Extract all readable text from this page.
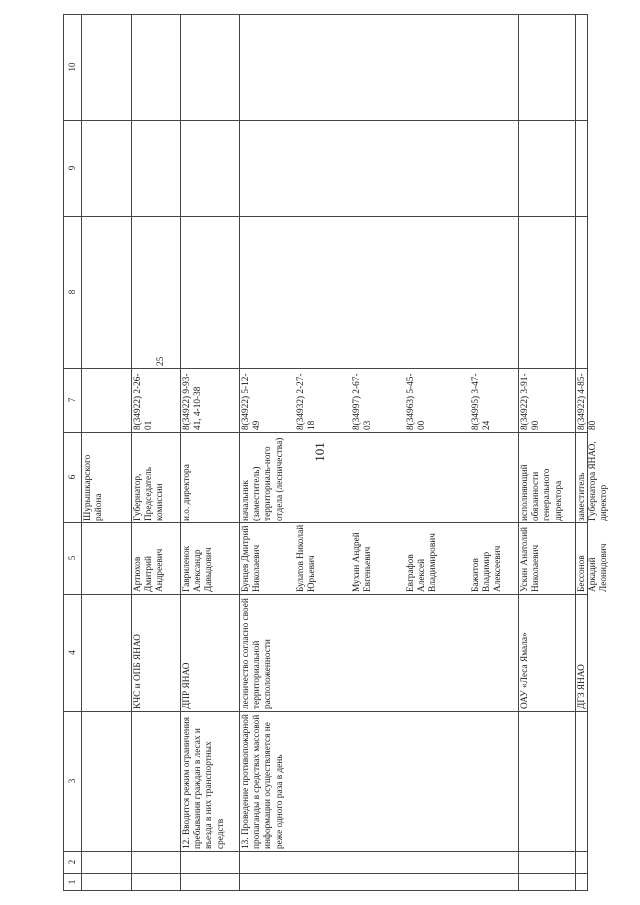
101
1
2
3
4
5
6
7
8
9
10
Шурышкарского района
КЧС и ОПБ ЯНАО
Артюхов Дмитрий Андреевич
Губернатор, Председатель комиссии
8(34922) 2-26-01
25
12. Вводится режим ограничения пребывания граждан в лесах и въезда в них транспортных средств
ДПР ЯНАО
Гавриленок Александр Давыдович
и.о. директора
8(34922) 9-93-41, 4-10-38
13. Проведение противопожарной пропаганды в средствах массовой информации осуществляется не реже одного раза в день
лесничество согласно своей территориальной расположенности
начальник (заместитель) территориаль-ного отдела (лесничества)
Бунцев Дмитрий Николаевич
8(34922) 5-12-49
Булатов Николай Юрьевич
8(34932) 2-27-18
Мухин Андрей Евгеньевич
8(34997) 2-67-03
Евграфов Алексей Владимирович
8(34963) 5-45-00
Бажитов Владимир Алексеевич
8(34995) 3-47-24
ОАУ «Леса Ямала»
Ускин Анатолий Николаевич
исполняющий обязанности генерального директора
8(34922) 3-91-90
ДГЗ ЯНАО
Бессонов Аркадий Леонидович
заместитель Губернатора ЯНАО, директор
8(34922) 4-85-80
